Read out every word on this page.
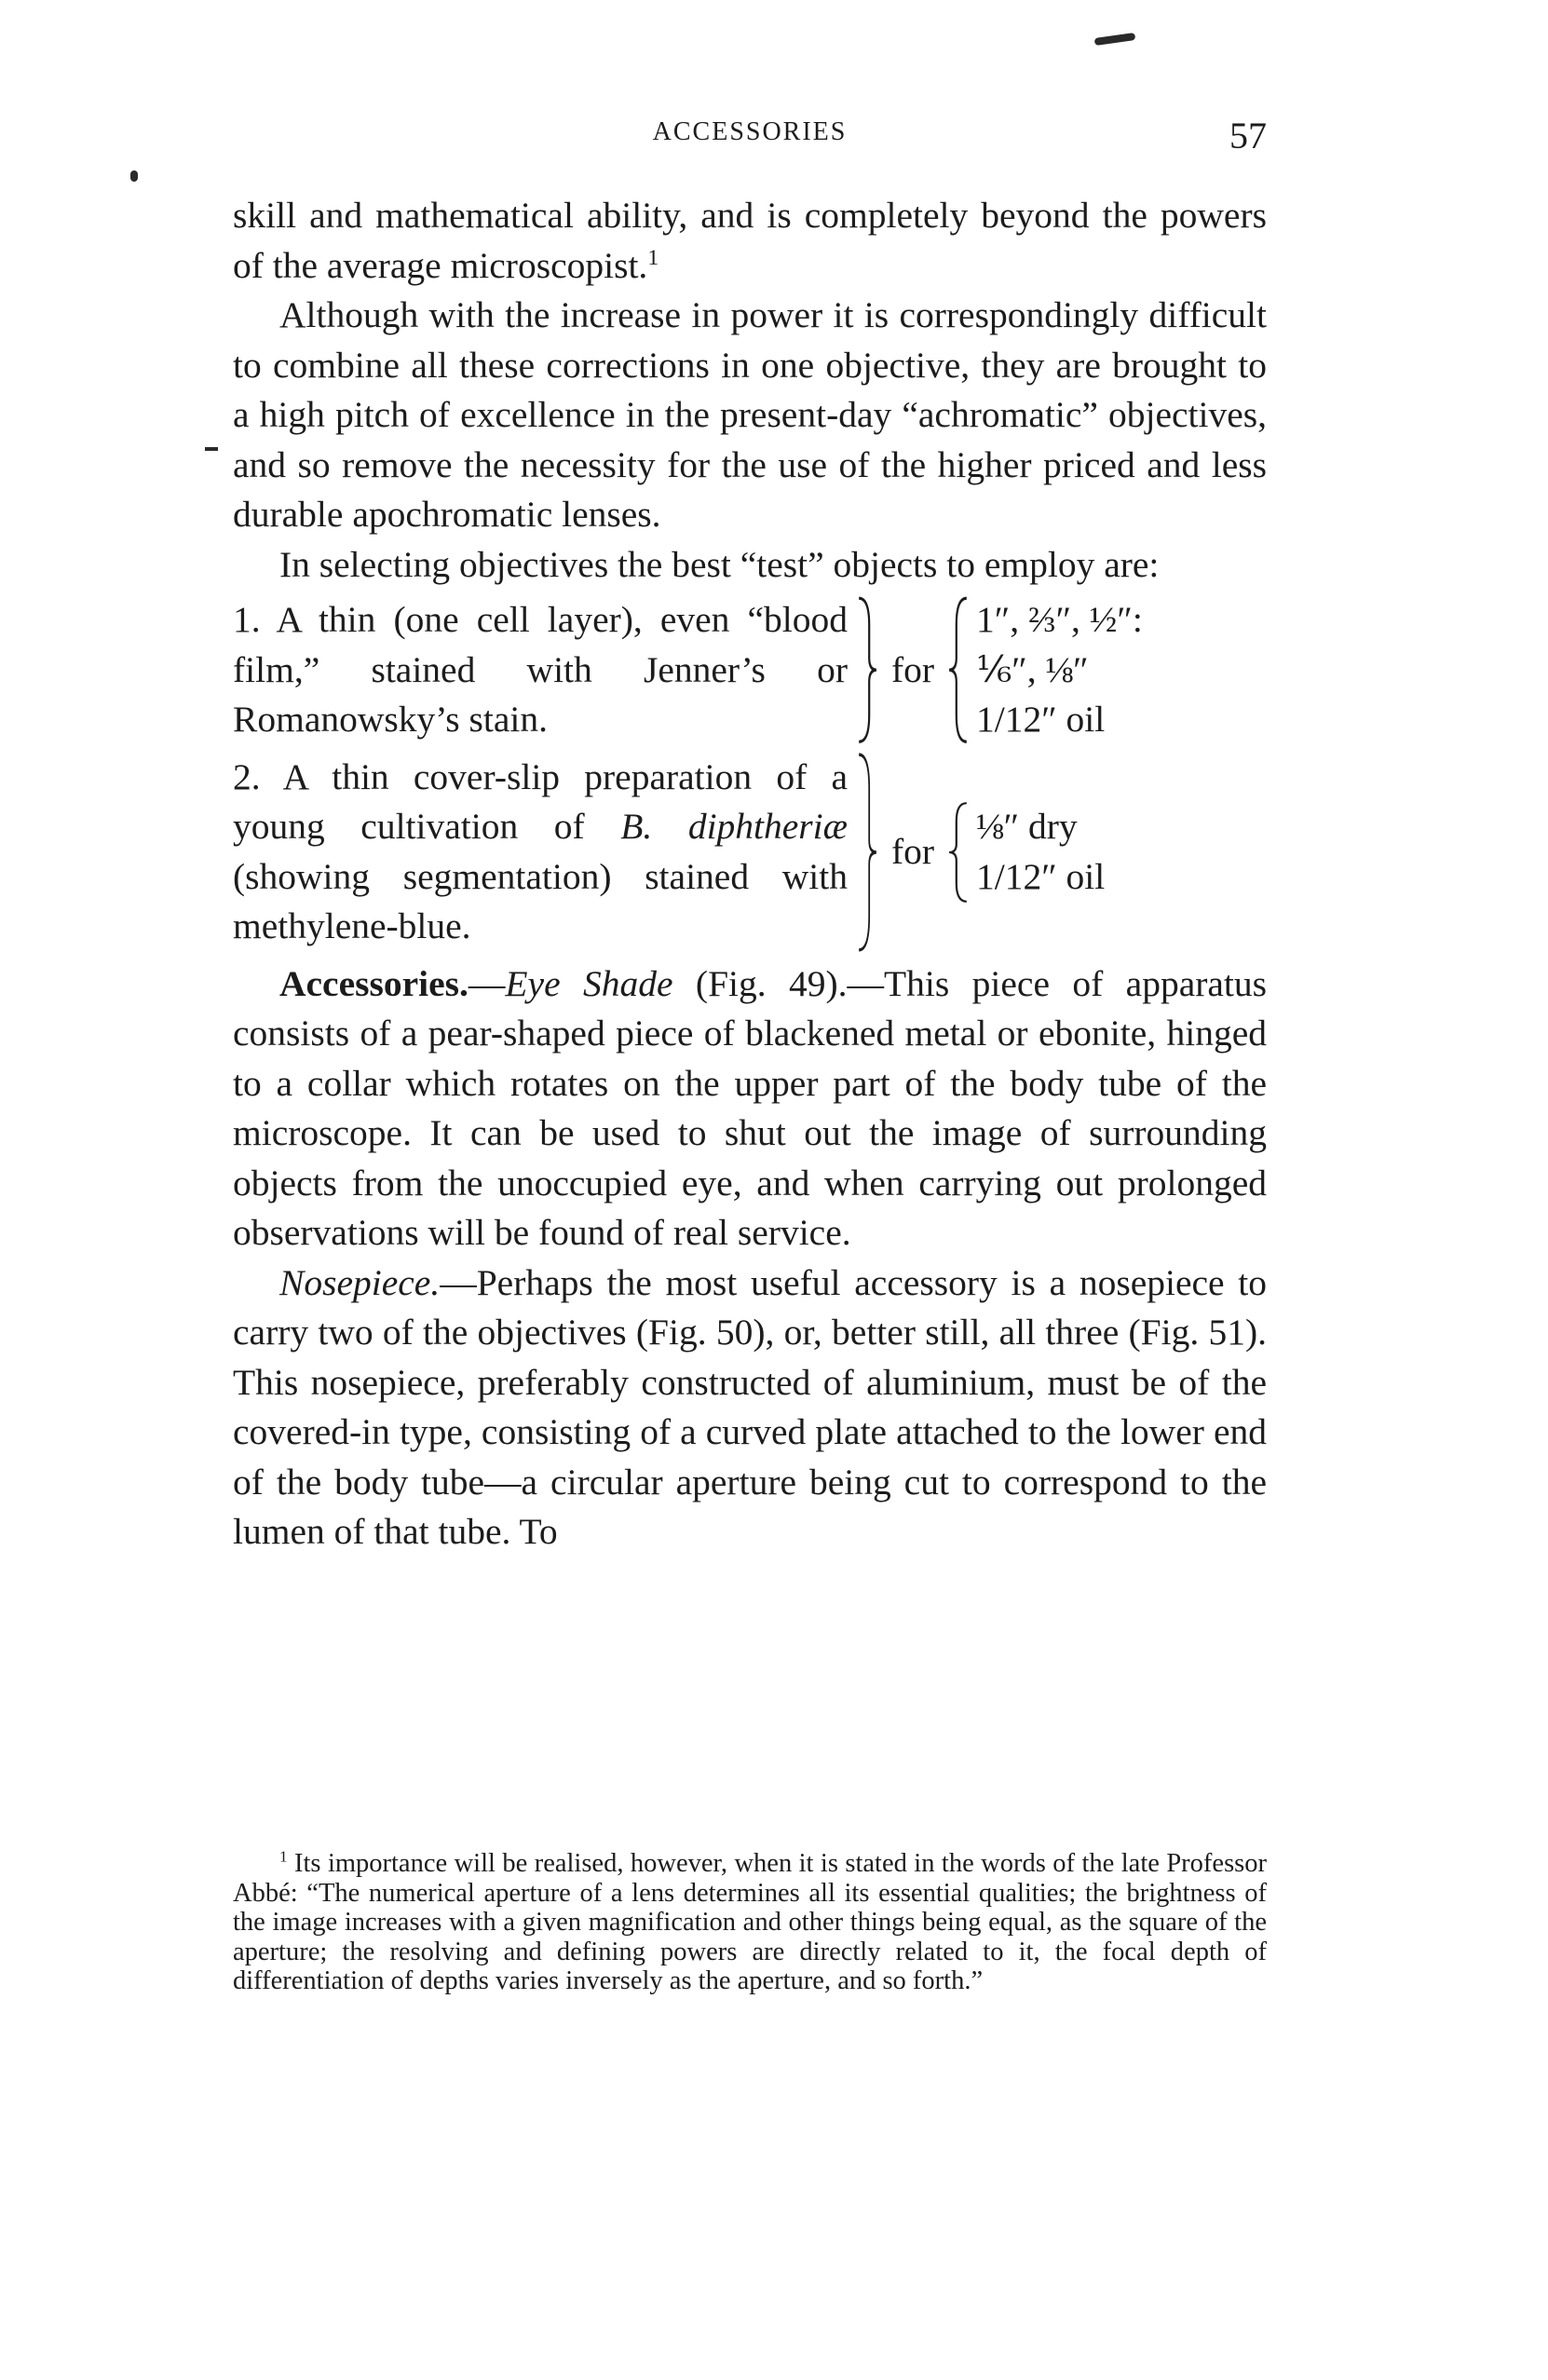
ACCESSORIES	57

skill and mathematical ability, and is completely beyond the powers of the average microscopist.$^1$

Although with the increase in power it is correspondingly difficult to combine all these corrections in one objective, they are brought to a high pitch of excellence in the present-day “achromatic” objectives, and so remove the necessity for the use of the higher priced and less durable apochromatic lenses.

In selecting objectives the best “test” objects to employ are:

1. A thin (one cell layer), even “blood film,” stained with Jenner’s or Romanowsky’s stain.
for
1″, ⅔″, ½″:
⅙″, ⅛″
1/12″ oil
2. A thin cover-slip preparation of a young cultivation of B. diphtheriæ (showing segmentation) stained with methylene-blue.
for
⅛″ dry
1/12″ oil

Accessories.—Eye Shade (Fig. 49).—This piece of apparatus consists of a pear-shaped piece of blackened metal or ebonite, hinged to a collar which rotates on the upper part of the body tube of the microscope. It can be used to shut out the image of surrounding objects from the unoccupied eye, and when carrying out prolonged observations will be found of real service.

Nosepiece.—Perhaps the most useful accessory is a nosepiece to carry two of the objectives (Fig. 50), or, better still, all three (Fig. 51). This nosepiece, preferably constructed of aluminium, must be of the covered-in type, consisting of a curved plate attached to the lower end of the body tube—a circular aperture being cut to correspond to the lumen of that tube. To

$^1$ Its importance will be realised, however, when it is stated in the words of the late Professor Abbé: “The numerical aperture of a lens determines all its essential qualities; the brightness of the image increases with a given magnification and other things being equal, as the square of the aperture; the resolving and defining powers are directly related to it, the focal depth of differentiation of depths varies inversely as the aperture, and so forth.”
